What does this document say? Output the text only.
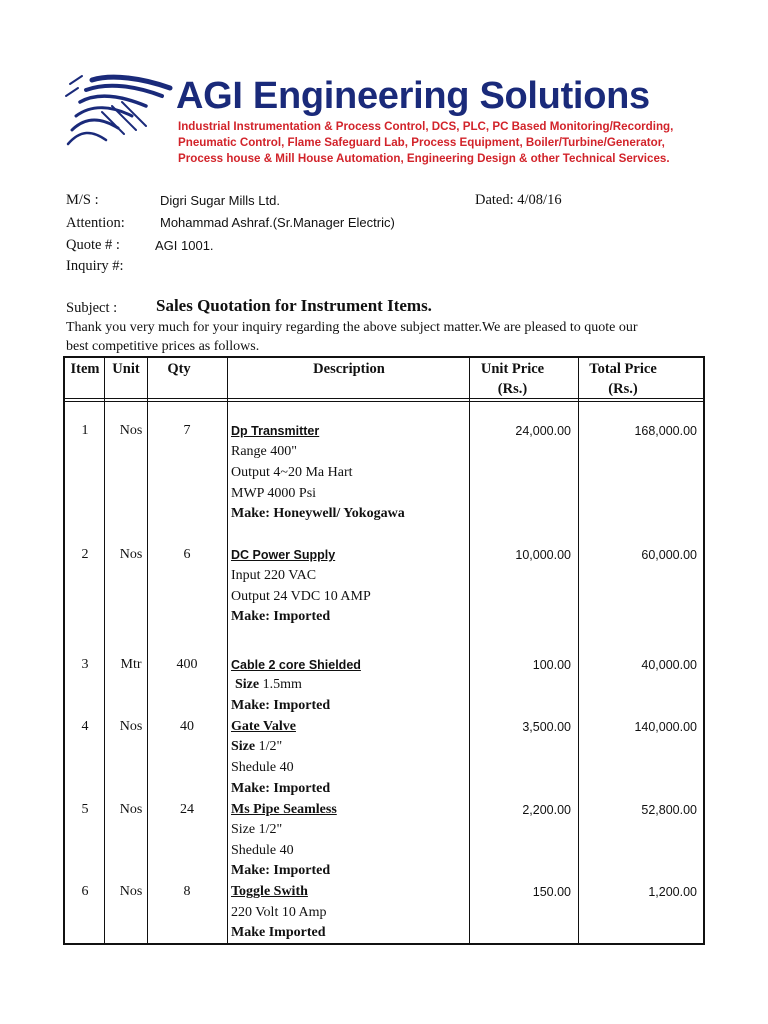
AGI Engineering Solutions

Industrial Instrumentation & Process Control, DCS, PLC, PC Based Monitoring/Recording,

Pneumatic Control, Flame Safeguard Lab, Process Equipment, Boiler/Turbine/Generator,

Process house & Mill House Automation, Engineering Design & other Technical Services.

M/S :	Digri Sugar Mills Ltd.	Dated: 4/08/16
Attention:	Mohammad Ashraf.(Sr.Manager Electric)
Quote # :	AGI 1001.
Inquiry #:
Subject : Sales Quotation for Instrument Items.
Thank you very much for your inquiry regarding the above subject matter.We are pleased to quote our
best competitive prices as follows.
Item Unit	Qty	Description	Unit Price
(Rs.)
Total Price
(Rs.)
1	Nos	7	Dp Transmitter
Range 400"
Output 4~20 Ma Hart
MWP 4000 Psi
Make: Honeywell/ Yokogawa
24,000.00	168,000.00
2	Nos	6	DC Power Supply
Input 220 VAC
Output 24 VDC 10 AMP
Make: Imported
10,000.00	60,000.00
3	Mtr	400	Cable 2 core Shielded
Size 1.5mm
Make: Imported
100.00	40,000.00
4	Nos	40	Gate Valve
Size 1/2"
Shedule 40
Make: Imported
3,500.00	140,000.00
5	Nos	24	Ms Pipe Seamless
Size 1/2"
Shedule 40
Make: Imported
2,200.00	52,800.00
6	Nos	8	Toggle Swith
220 Volt 10 Amp
Make Imported
150.00	1,200.00
